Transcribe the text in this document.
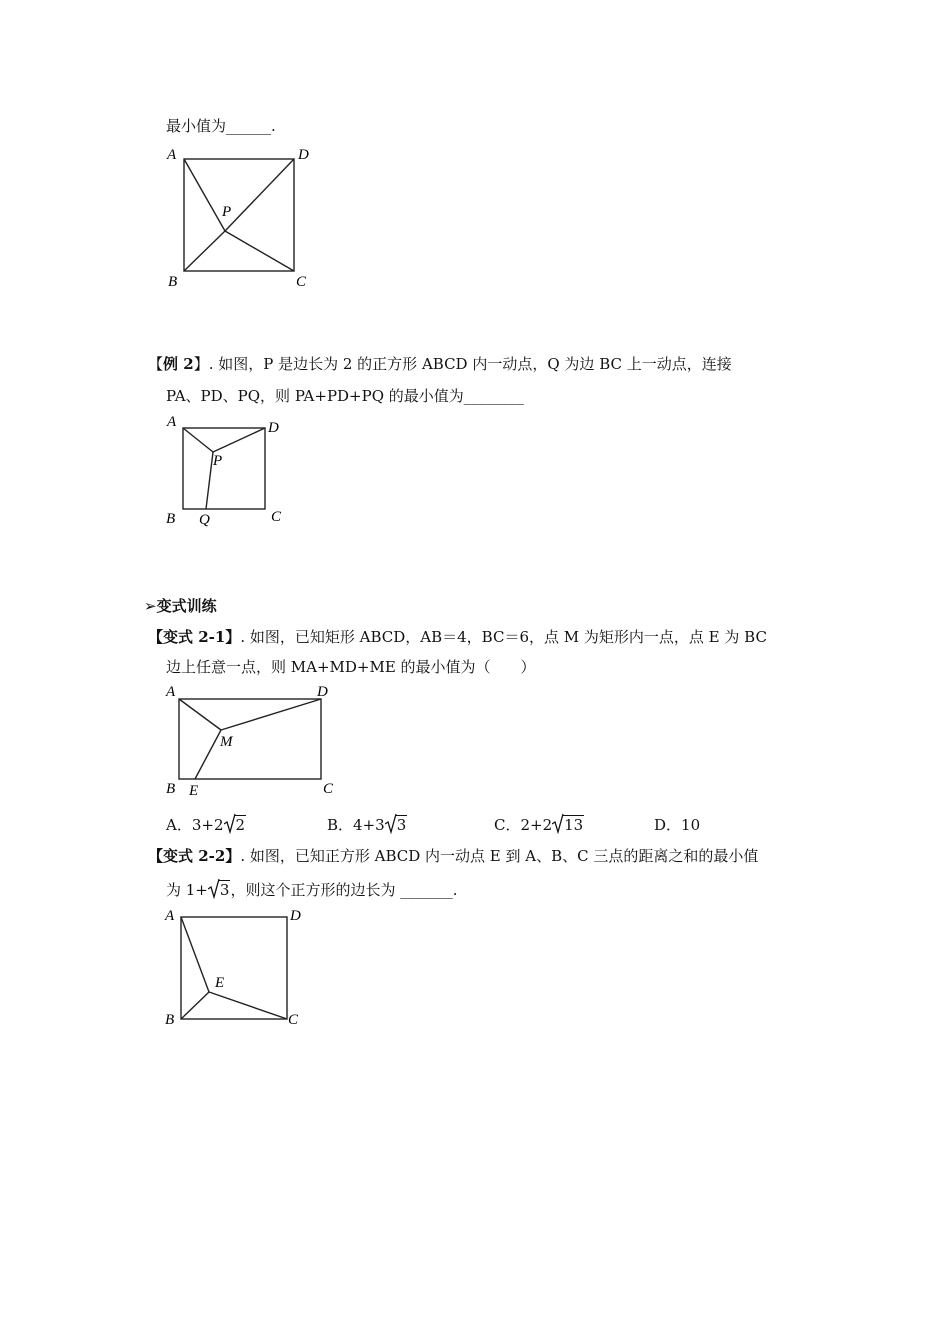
最小值为______.
A	D
P
B	C
【例 2】. 如图，P 是边长为 2 的正方形 ABCD 内一动点，Q 为边 BC 上一动点，连接
PA、PD、PQ，则 PA+PD+PQ 的最小值为________
A	D
P
B Q	C
➢变式训练
【变式 2-1】. 如图，已知矩形 ABCD，AB＝4，BC＝6，点 M 为矩形内一点，点 E 为 BC
边上任意一点，则 MA+MD+ME 的最小值为（　　）
A	D
M
B E	C
A．3+2 2	B．4+3 3	C．2+2 13	D．10
【变式 2-2】. 如图，已知正方形 ABCD 内一动点 E 到 A、B、C 三点的距离之和的最小值
为 1+ 3，则这个正方形的边长为 _______.
A	D
E
B	C
